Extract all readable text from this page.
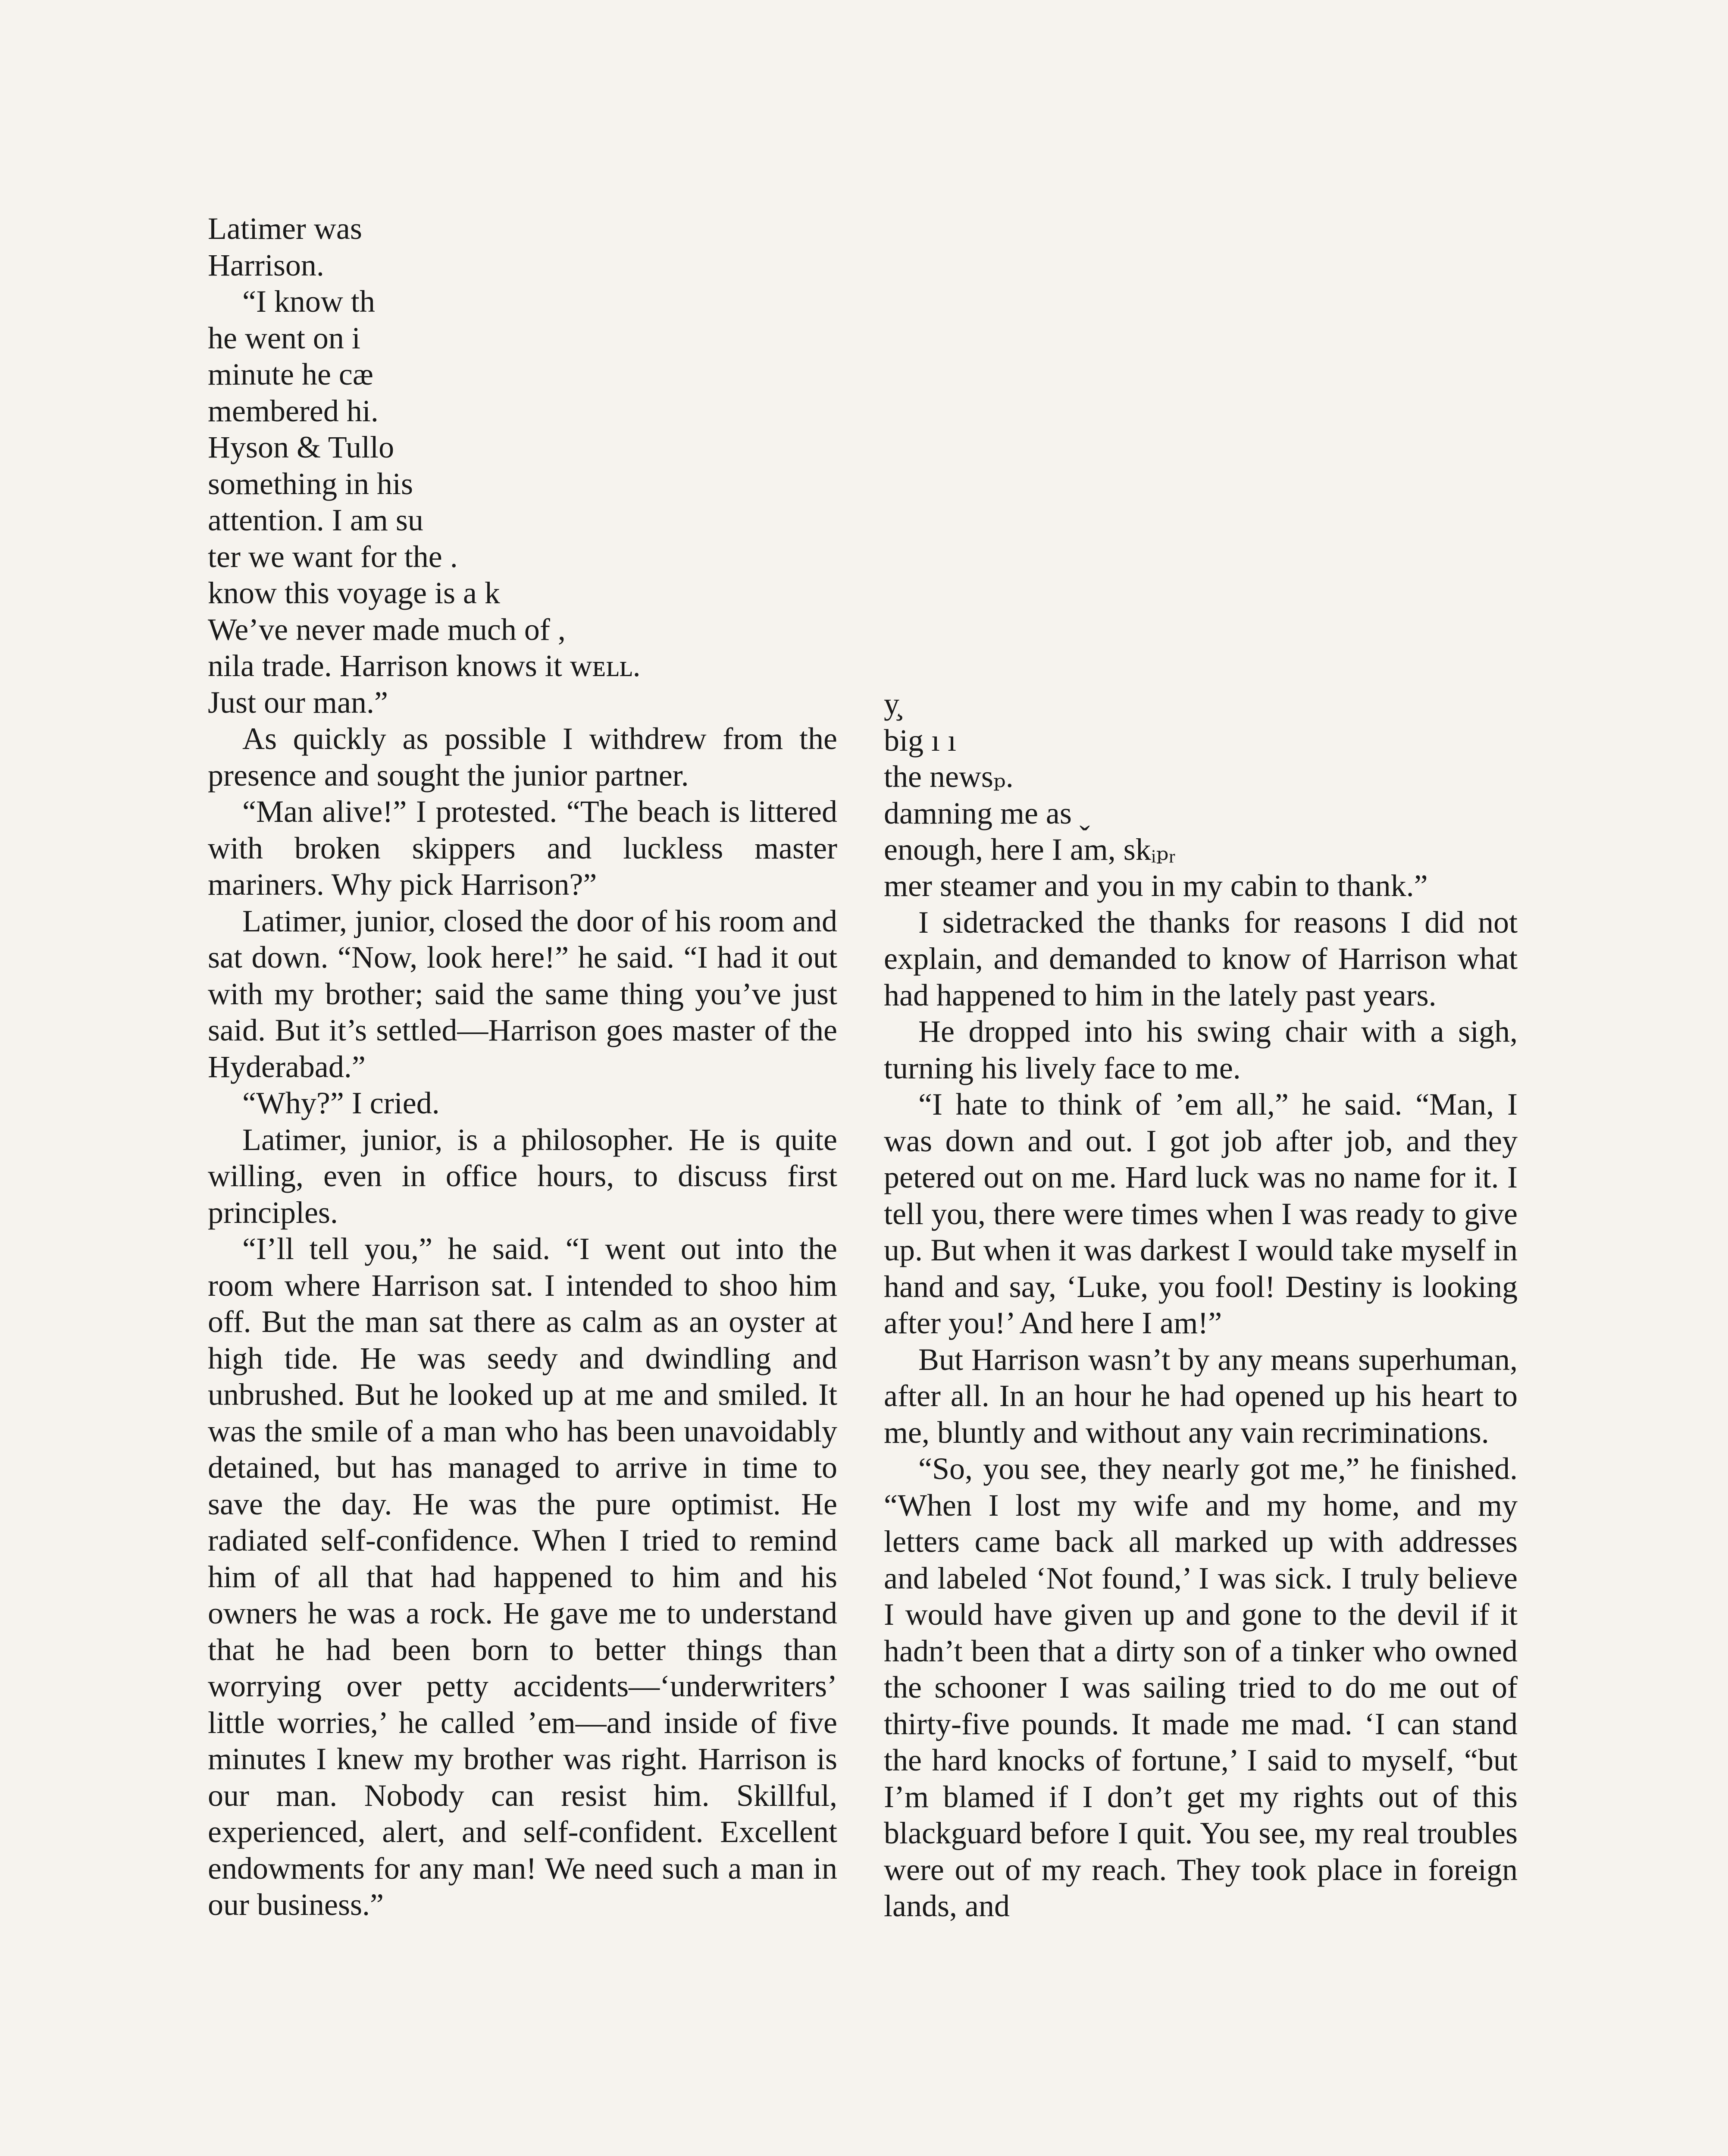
Latimer was

Harrison.

“I know th

he went on i

minute he cæ

membered hi.

Hyson & Tullo

something in his

attention. I am su

ter we want for the .

know this voyage is a k

We’ve never made much of ,

nila trade. Harrison knows it wᴇʟʟ.

Just our man.”

As quickly as possible I withdrew from the presence and sought the junior partner.

“Man alive!” I protested. “The beach is littered with broken skippers and luckless master mariners. Why pick Harrison?”

Latimer, junior, closed the door of his room and sat down. “Now, look here!” he said. “I had it out with my brother; said the same thing you’ve just said. But it’s settled—Harrison goes master of the Hyderabad.”

“Why?” I cried.

Latimer, junior, is a philosopher. He is quite willing, even in office hours, to discuss first principles.

“I’ll tell you,” he said. “I went out into the room where Harrison sat. I intended to shoo him off. But the man sat there as calm as an oyster at high tide. He was seedy and dwindling and unbrushed. But he looked up at me and smiled. It was the smile of a man who has been unavoidably detained, but has managed to arrive in time to save the day. He was the pure optimist. He radiated self-confidence. When I tried to remind him of all that had happened to him and his owners he was a rock. He gave me to understand that he had been born to better things than worrying over petty accidents—‘underwriters’ little worries,’ he called ’em—and inside of five minutes I knew my brother was right. Harrison is our man. Nobody can resist him. Skillful, experienced, alert, and self-confident. Excellent endowments for any man! We need such a man in our business.”

y̧

big ı ı

the newsₚ.

damning me as ˬ

enough, here I am, skᵢₚᵣ

mer steamer and you in my cabin to thank.”

I sidetracked the thanks for reasons I did not explain, and demanded to know of Harrison what had happened to him in the lately past years.

He dropped into his swing chair with a sigh, turning his lively face to me.

“I hate to think of ’em all,” he said. “Man, I was down and out. I got job after job, and they petered out on me. Hard luck was no name for it. I tell you, there were times when I was ready to give up. But when it was darkest I would take myself in hand and say, ‘Luke, you fool! Destiny is looking after you!’ And here I am!”

But Harrison wasn’t by any means superhuman, after all. In an hour he had opened up his heart to me, bluntly and without any vain recriminations.

“So, you see, they nearly got me,” he finished. “When I lost my wife and my home, and my letters came back all marked up with addresses and labeled ‘Not found,’ I was sick. I truly believe I would have given up and gone to the devil if it hadn’t been that a dirty son of a tinker who owned the schooner I was sailing tried to do me out of thirty-five pounds. It made me mad. ‘I can stand the hard knocks of fortune,’ I said to myself, “but I’m blamed if I don’t get my rights out of this blackguard before I quit. You see, my real troubles were out of my reach. They took place in foreign lands, and
